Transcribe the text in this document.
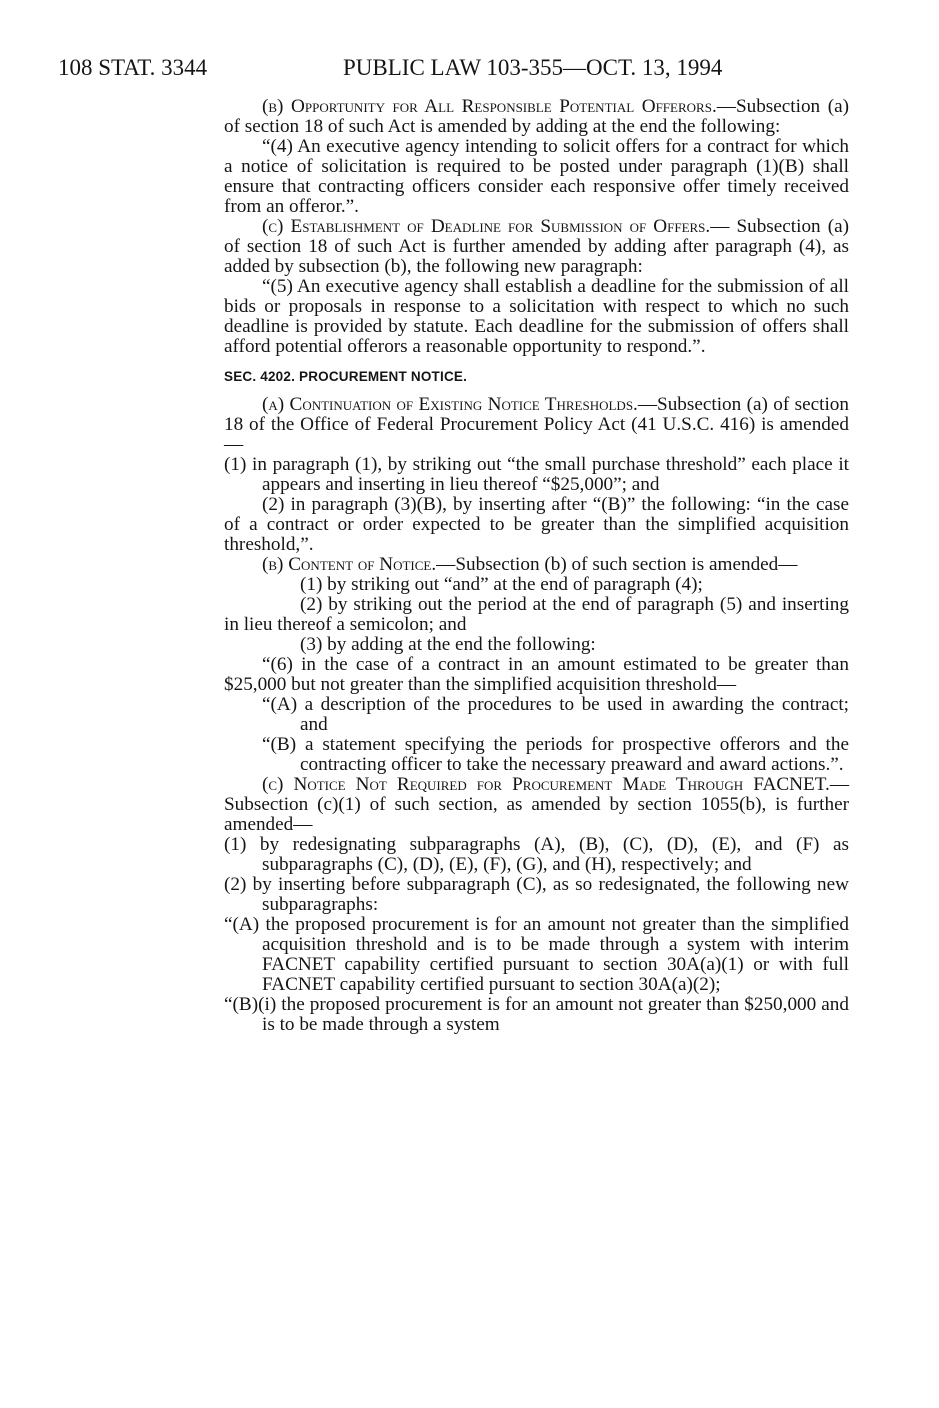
108 STAT. 3344	PUBLIC LAW 103-355—OCT. 13, 1994

(b) Opportunity for All Responsible Potential Offerors.—Subsection (a) of section 18 of such Act is amended by adding at the end the following:

“(4) An executive agency intending to solicit offers for a contract for which a notice of solicitation is required to be posted under paragraph (1)(B) shall ensure that contracting officers consider each responsive offer timely received from an offeror.”.

(c) Establishment of Deadline for Submission of Offers.— Subsection (a) of section 18 of such Act is further amended by adding after paragraph (4), as added by subsection (b), the following new paragraph:

“(5) An executive agency shall establish a deadline for the submission of all bids or proposals in response to a solicitation with respect to which no such deadline is provided by statute. Each deadline for the submission of offers shall afford potential offerors a reasonable opportunity to respond.”.

SEC. 4202. PROCUREMENT NOTICE.

(a) Continuation of Existing Notice Thresholds.—Subsection (a) of section 18 of the Office of Federal Procurement Policy Act (41 U.S.C. 416) is amended—

(1) in paragraph (1), by striking out “the small purchase threshold” each place it appears and inserting in lieu thereof “$25,000”; and

(2) in paragraph (3)(B), by inserting after “(B)” the following: “in the case of a contract or order expected to be greater than the simplified acquisition threshold,”.

(b) Content of Notice.—Subsection (b) of such section is amended—

(1) by striking out “and” at the end of paragraph (4);

(2) by striking out the period at the end of paragraph (5) and inserting in lieu thereof a semicolon; and

(3) by adding at the end the following:

“(6) in the case of a contract in an amount estimated to be greater than $25,000 but not greater than the simplified acquisition threshold—

“(A) a description of the procedures to be used in awarding the contract; and

“(B) a statement specifying the periods for prospective offerors and the contracting officer to take the necessary preaward and award actions.”.

(c) Notice Not Required for Procurement Made Through FACNET.—Subsection (c)(1) of such section, as amended by section 1055(b), is further amended—

(1) by redesignating subparagraphs (A), (B), (C), (D), (E), and (F) as subparagraphs (C), (D), (E), (F), (G), and (H), respectively; and

(2) by inserting before subparagraph (C), as so redesignated, the following new subparagraphs:

“(A) the proposed procurement is for an amount not greater than the simplified acquisition threshold and is to be made through a system with interim FACNET capability certified pursuant to section 30A(a)(1) or with full FACNET capability certified pursuant to section 30A(a)(2);

“(B)(i) the proposed procurement is for an amount not greater than $250,000 and is to be made through a system
